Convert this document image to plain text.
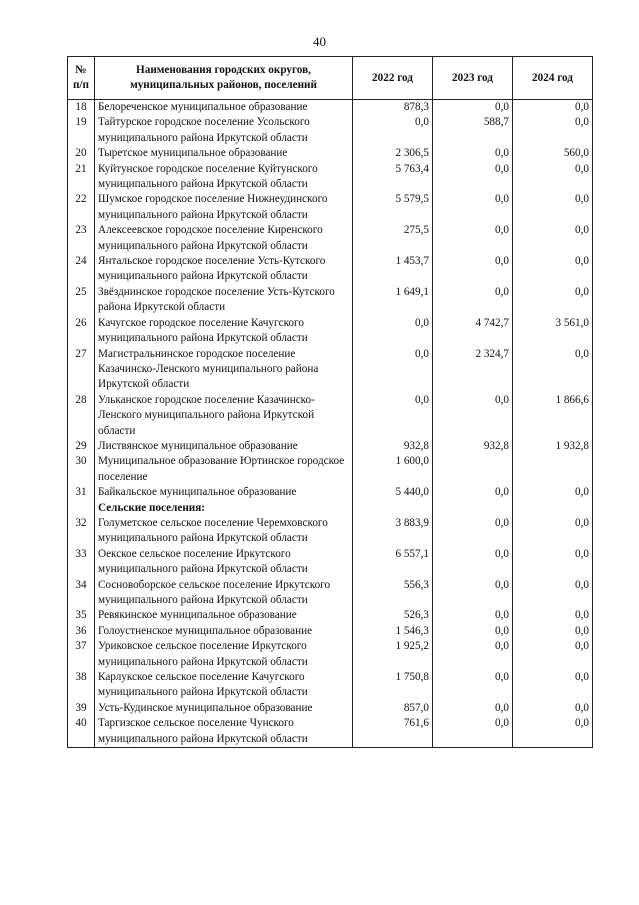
40
№ п/п	Наименования городских округов, муниципальных районов, поселений	2022 год	2023 год	2024 год
18	Белореченское муниципальное образование	878,3	0,0	0,0
19	Тайтурское городское поселение Усольского муниципального района Иркутской области	0,0	588,7	0,0
20	Тыретское муниципальное образование	2 306,5	0,0	560,0
21	Куйтунское городское поселение Куйтунского муниципального района Иркутской области	5 763,4	0,0	0,0
22	Шумское городское поселение Нижнеудинского муниципального района Иркутской области	5 579,5	0,0	0,0
23	Алексеевское городское поселение Киренского муниципального района Иркутской области	275,5	0,0	0,0
24	Янтальское городское поселение Усть-Кутского муниципального района Иркутской области	1 453,7	0,0	0,0
25	Звёзднинское городское поселение Усть-Кутского района Иркутской области	1 649,1	0,0	0,0
26	Качугское городское поселение Качугского муниципального района Иркутской области	0,0	4 742,7	3 561,0
27	Магистральнинское городское поселение Казачинско-Ленского муниципального района Иркутской области	0,0	2 324,7	0,0
28	Ульканское городское поселение Казачинско-Ленского муниципального района Иркутской области	0,0	0,0	1 866,6
29	Листвянское муниципальное образование	932,8	932,8	1 932,8
30	Муниципальное образование Юртинское городское поселение	1 600,0		
31	Байкальское муниципальное образование	5 440,0	0,0	0,0
	Сельские поселения:			
32	Голуметское сельское поселение Черемховского муниципального района Иркутской области	3 883,9	0,0	0,0
33	Оекское сельское поселение Иркутского муниципального района Иркутской области	6 557,1	0,0	0,0
34	Сосновоборское сельское поселение Иркутского муниципального района Иркутской области	556,3	0,0	0,0
35	Ревякинское муниципальное образование	526,3	0,0	0,0
36	Голоустненское муниципальное образование	1 546,3	0,0	0,0
37	Уриковское сельское поселение Иркутского муниципального района Иркутской области	1 925,2	0,0	0,0
38	Карлукское сельское поселение Качугского муниципального района Иркутской области	1 750,8	0,0	0,0
39	Усть-Кудинское муниципальное образование	857,0	0,0	0,0
40	Таргизское сельское поселение Чунского муниципального района Иркутской области	761,6	0,0	0,0
